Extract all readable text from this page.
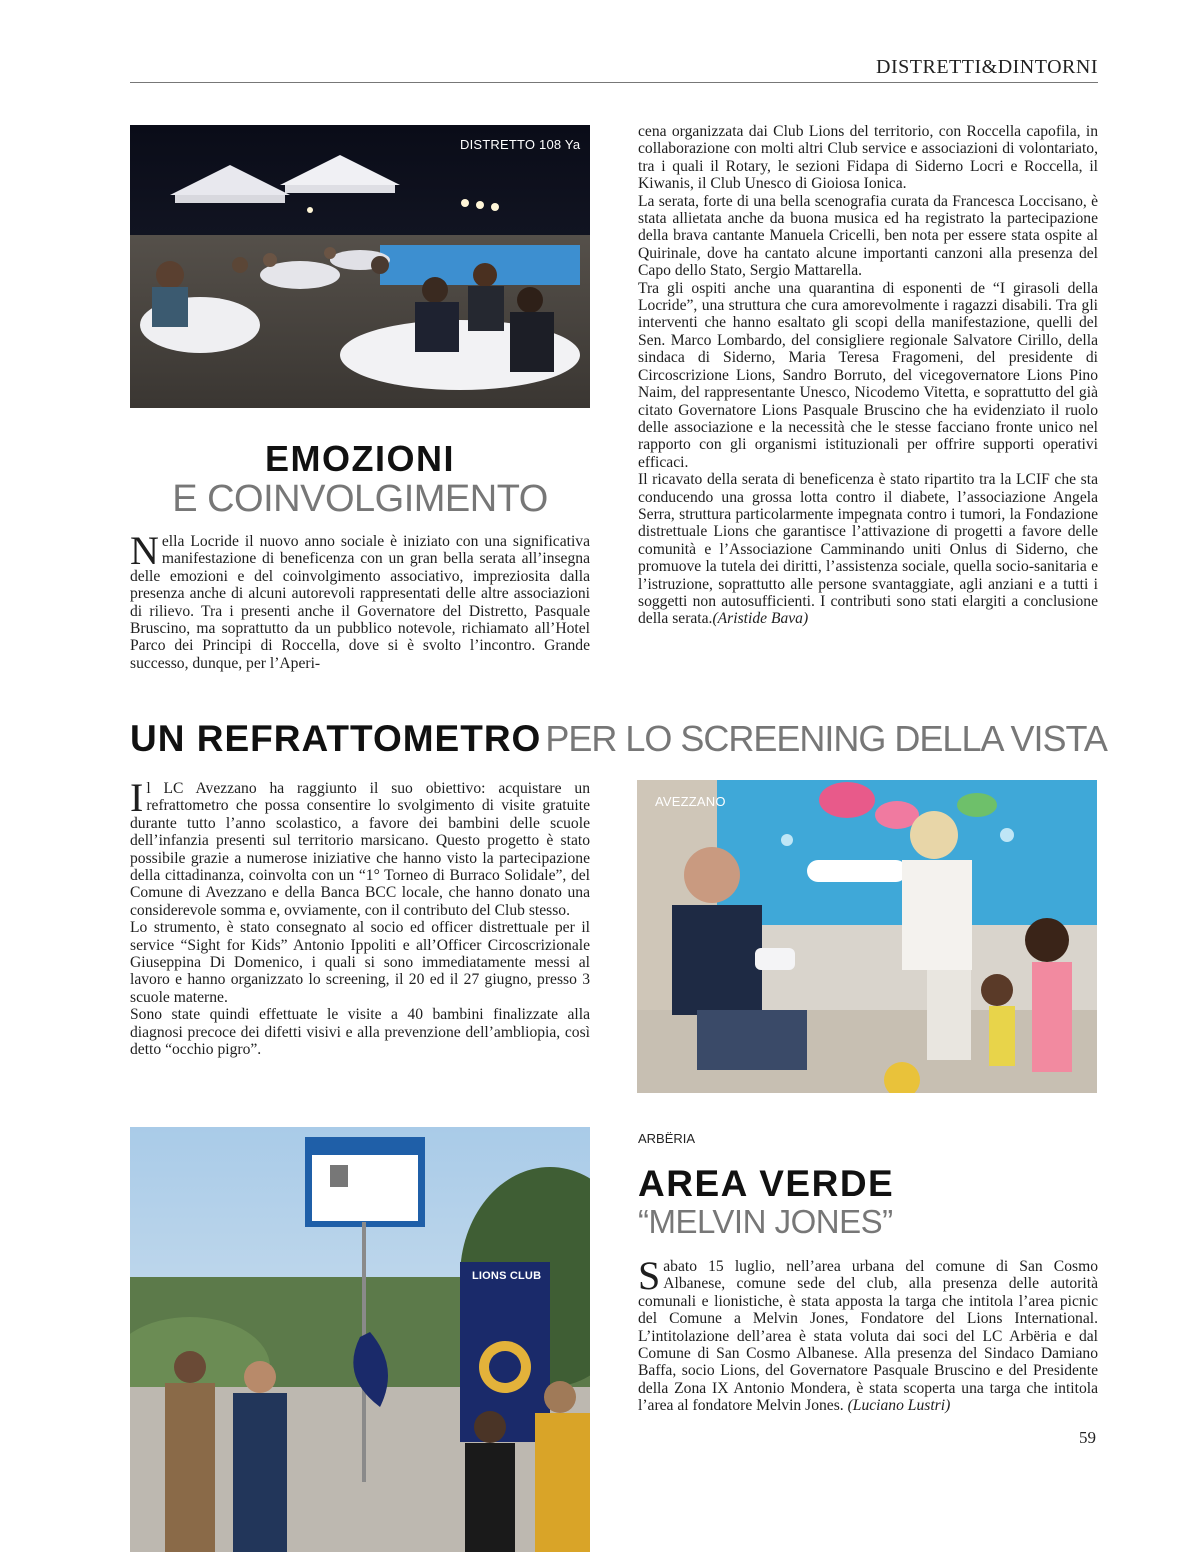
DISTRETTI&DINTORNI
DISTRETTO 108 Ya
EMOZIONI
E COINVOLGIMENTO

Nella Locride il nuovo anno sociale è iniziato con una significativa manifestazione di beneficenza con un gran bella serata all’insegna delle emozioni e del coinvolgimento associativo, impreziosita dalla presenza anche di alcuni autorevoli rappresentati delle altre associazioni di rilievo. Tra i presenti anche il Governatore del Distretto, Pasquale Bruscino, ma soprattutto da un pubblico notevole, richiamato all’Hotel Parco dei Principi di Roccella, dove si è svolto l’incontro. Grande successo, dunque, per l’Aperi-

cena organizzata dai Club Lions del territorio, con Roccella capofila, in collaborazione con molti altri Club service e associazioni di volontariato, tra i quali il Rotary, le sezioni Fidapa di Siderno Locri e Roccella, il Kiwanis, il Club Unesco di Gioiosa Ionica.

La serata, forte di una bella scenografia curata da Francesca Loccisano, è stata allietata anche da buona musica ed ha registrato la partecipazione della brava cantante Manuela Cricelli, ben nota per essere stata ospite al Quirinale, dove ha cantato alcune importanti canzoni alla presenza del Capo dello Stato, Sergio Mattarella.

Tra gli ospiti anche una quarantina di esponenti de “I girasoli della Locride”, una struttura che cura amorevolmente i ragazzi disabili. Tra gli interventi che hanno esaltato gli scopi della manifestazione, quelli del Sen. Marco Lombardo, del consigliere regionale Salvatore Cirillo, della sindaca di Siderno, Maria Teresa Fragomeni, del presidente di Circoscrizione Lions, Sandro Borruto, del vicegovernatore Lions Pino Naim, del rappresentante Unesco, Nicodemo Vitetta, e soprattutto del già citato Governatore Lions Pasquale Bruscino che ha evidenziato il ruolo delle associazione e la necessità che le stesse facciano fronte unico nel rapporto con gli organismi istituzionali per offrire supporti operativi efficaci.

Il ricavato della serata di beneficenza è stato ripartito tra la LCIF che sta conducendo una grossa lotta contro il diabete, l’associazione Angela Serra, struttura particolarmente impegnata contro i tumori, la Fondazione distrettuale Lions che garantisce l’attivazione di progetti a favore delle comunità e l’Associazione Camminando uniti Onlus di Siderno, che promuove la tutela dei diritti, l’assistenza sociale, quella socio-sanitaria e l’istruzione, soprattutto alle persone svantaggiate, agli anziani e a tutti i soggetti non autosufficienti. I contributi sono stati elargiti a conclusione della serata.(Aristide Bava)

UN REFRATTOMETRO PER LO SCREENING DELLA VISTA

Il LC Avezzano ha raggiunto il suo obiettivo: acquistare un refrattometro che possa consentire lo svolgimento di visite gratuite durante tutto l’anno scolastico, a favore dei bambini delle scuole dell’infanzia presenti sul territorio marsicano. Questo progetto è stato possibile grazie a numerose iniziative che hanno visto la partecipazione della cittadinanza, coinvolta con un “1° Torneo di Burraco Solidale”, del Comune di Avezzano e della Banca BCC locale, che hanno donato una considerevole somma e, ovviamente, con il contributo del Club stesso.

Lo strumento, è stato consegnato al socio ed officer distrettuale per il service “Sight for Kids” Antonio Ippoliti e all’Officer Circoscrizionale Giuseppina Di Domenico, i quali si sono immediatamente messi al lavoro e hanno organizzato lo screening, il 20 ed il 27 giugno, presso 3 scuole materne.

Sono state quindi effettuate le visite a 40 bambini finalizzate alla diagnosi precoce dei difetti visivi e alla prevenzione dell’ambliopia, così detto “occhio pigro”.

AVEZZANO
LIONS CLUB
ARBËRIA
AREA VERDE
“MELVIN JONES”

Sabato 15 luglio, nell’area urbana del comune di San Cosmo Albanese, comune sede del club, alla presenza delle autorità comunali e lionistiche, è stata apposta la targa che intitola l’area picnic del Comune a Melvin Jones, Fondatore del Lions International. L’intitolazione dell’area è stata voluta dai soci del LC Arbëria e dal Comune di San Cosmo Albanese. Alla presenza del Sindaco Damiano Baffa, socio Lions, del Governatore Pasquale Bruscino e del Presidente della Zona IX Antonio Mondera, è stata scoperta una targa che intitola l’area al fondatore Melvin Jones. (Luciano Lustri)

59
